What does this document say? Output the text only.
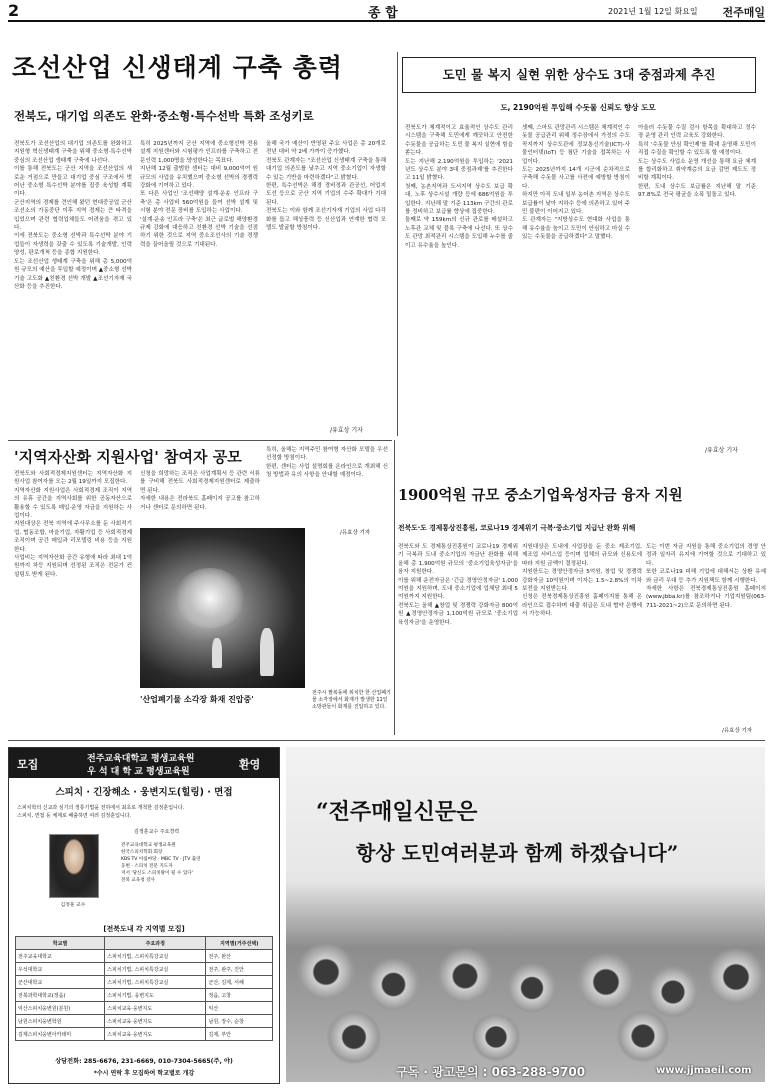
2	종 합	2021년 1월 12일 화요일 전주매일
조선산업 신생태계 구축 총력
전북도, 대기업 의존도 완화·중소형·특수선박 특화 조성키로

전북도가 조선산업의 대기업 의존도를 완화하고 지원형 혁신생태계 구축을 위해 중소형·특수선박 중심의 조선산업 생태계 구축에 나선다.

이를 통해 전북도는 군산 지역을 조선산업의 새로운 거점으로 만들고 대기업 중심 구조에서 벗어난 중소형 특수선박 분야를 집중 육성할 계획이다.

군산지역의 경제를 견인해 왔던 현대중공업 군산조선소의 가동중단 이후 지역 경제는 큰 타격을 입었으며 관련 협력업체들도 어려움을 겪고 있다.

이에 전북도는 중소형 선박과 특수선박 분야 기업들이 자생력을 갖출 수 있도록 기술개발, 인력양성, 판로개척 등을 종합 지원한다.

도는 조선산업 생태계 구축을 위해 총 5,000억원 규모의 예산을 투입할 예정이며 ▲중소형 선박 기술 고도화 ▲친환경 선박 개발 ▲조선기자재 국산화 등을 추진한다.

특히 2025년까지 군산 지역에 중소형선박 전용 설계 지원센터와 시험평가 인프라를 구축하고 전문인력 1,000명을 양성한다는 목표다.

지난해 12월 출범한 센터는 대비 9,000억여 원 규모의 사업을 유치했으며 중소형 선박의 경쟁력 강화에 기여하고 있다.

또 다른 사업인 '조선해양 설계·운송 인프라 구축'은 총 사업비 560억원을 들여 선박 설계 및 시험 분야 전문 장비를 도입하는 사업이다.

'설계·운송 인프라 구축'은 최근 글로벌 해양환경규제 강화에 대응하고 친환경 선박 기술을 선점하기 위한 것으로 지역 중소조선사의 기술 경쟁력을 끌어올릴 것으로 기대된다.

올해 국가 예산이 반영된 주요 사업은 총 20개로 전년 대비 약 2배 가까이 증가했다.

전북도 관계자는 "조선산업 신생태계 구축을 통해 대기업 의존도를 낮추고 지역 중소기업이 자생할 수 있는 기반을 마련하겠다"고 밝혔다.

한편, 특수선박은 해경 경비정과 관공선, 어업지도선 등으로 군산 지역 기업의 수주 확대가 기대된다.

전북도는 이와 함께 조선기자재 기업의 사업 다각화를 돕고 해상풍력 등 신산업과 연계한 협력 모델도 발굴할 방침이다.

/유효상 기자
도민 물 복지 실현 위한 상수도 3대 중점과제 추진
도, 2190억원 투입해 수돗물 신뢰도 향상 도모

전북도가 체계적이고 효율적인 상수도 관리 시스템을 구축해 도민에게 깨끗하고 안전한 수돗물을 공급하는 도민 물 복지 실현에 힘을 쏟는다.

도는 지난해 2,190억원을 투입하는 '2021년도 상수도 분야 3대 중점과제'를 추진한다고 11일 밝혔다.

첫째, 농촌지역과 도서지역 상수도 보급 확대, 노후 상수시설 개량 등에 686억원을 투입한다. 지난해 말 기준 113km 구간의 관로를 정비하고 보급률 향상에 집중한다.

둘째로 약 159km의 신규 관로를 매설하고 노후관 교체 및 블록 구축에 나선다. 또 상수도 관망 최적관리 시스템을 도입해 누수를 줄이고 유수율을 높인다.

셋째, 스마트 관망관리 시스템은 체계적인 수돗물 공급관리 위해 정수장에서 가정의 수도꼭지까지 상수도관에 정보통신기술(ICT)·사물인터넷(IoT) 등 첨단 기술을 접목하는 사업이다.

도는 2025년까지 14개 시군에 순차적으로 구축해 수돗물 사고를 사전에 예방할 방침이다.

하지만 아직 도내 일부 농어촌 지역은 상수도 보급률이 낮아 지하수 등에 의존하고 있어 주민 불편이 이어지고 있다.

도 관계자는 "지방상수도 현대화 사업을 통해 유수율을 높이고 도민이 안심하고 마실 수 있는 수돗물을 공급하겠다"고 말했다.

아울러 수돗물 수질 검사 항목을 확대하고 정수장 운영 관리 인력 교육도 강화한다.

특히 '수돗물 안심 확인제'를 확대 운영해 도민이 직접 수질을 확인할 수 있도록 할 예정이다.

도는 상수도 사업소 운영 개선을 통해 요금 체계를 합리화하고 취약계층의 요금 감면 제도도 정비할 계획이다.

한편, 도내 상수도 보급률은 지난해 말 기준 97.8%로 전국 평균을 소폭 밑돌고 있다.

/유효상 기자
'지역자산화 지원사업' 참여자 공모

전북도와 사회적경제지원센터는 지역자산화 지원사업 참여자를 오는 2월 19일까지 모집한다.

지역자산화 지원사업은 사회적경제 조직이 지역의 유휴 공간을 지역사회를 위한 공동자산으로 활용할 수 있도록 매입·운영 자금을 지원하는 사업이다.

지원대상은 전북 지역에 주사무소를 둔 사회적기업, 협동조합, 마을기업, 자활기업 등 사회적경제 조직이며 공간 매입과 리모델링 비용 등을 지원한다.

사업비는 지역자산화 공간 유형에 따라 최대 1억원까지 차등 지원되며 선정된 조직은 전문가 컨설팅도 받게 된다.

신청을 희망하는 조직은 사업계획서 등 관련 서류를 구비해 전북도 사회적경제지원센터로 제출하면 된다.

자세한 내용은 전라북도 홈페이지 공고를 참고하거나 센터로 문의하면 된다.

특히, 올해는 지역주민 참여형 자산화 모델을 우선 선정할 방침이다.

한편, 센터는 사업 설명회를 온라인으로 개최해 신청 방법과 유의 사항을 안내할 예정이다.

/유효상 기자
'산업폐기물 소각장 화재 진압중'
전주시 팔복동에 위치한 한 산업폐기물 소각장에서 화재가 발생한 11일 소방관들이 화재를 진압하고 있다.
1900억원 규모 중소기업육성자금 융자 지원
전북도·도 경제통상진흥원, 코로나19 경제위기 극복·중소기업 지급난 완화 위해

전북도와 도 경제통상진흥원이 코로나19 경제위기 극복과 도내 중소기업의 자금난 완화를 위해 올해 총 1,900억원 규모의 '중소기업육성자금'을 융자 지원한다.

이를 위해 운전자금은 '긴급 경영안정자금' 1,000억원을 지원하며, 도내 중소기업에 업체당 최대 5억원까지 지원한다.

전북도는 올해 ▲창업 및 경쟁력 강화자금 800억원 ▲경영안정자금 1,100억원 규모로 '중소기업육성자금'을 운영한다.

지원대상은 도내에 사업장을 둔 중소 제조기업, 제조업 서비스업 등이며 업체의 규모와 신용도에 따라 지원 금액이 결정된다.

지원한도는 경영안정자금 5억원, 창업 및 경쟁력강화자금 10억원이며 이자는 1.5~2.8%의 이차보전을 지원받는다.

신청은 전북경제통상진흥원 홈페이지를 통해 온라인으로 접수하며 대출 취급은 도내 협약 은행에서 가능하다.

도는 이번 자금 지원을 통해 중소기업의 경영 안정과 일자리 유지에 기여할 것으로 기대하고 있다.

또한 코로나19 피해 기업에 대해서는 상환 유예와 금리 우대 등 추가 지원책도 함께 시행한다.

자세한 사항은 전북경제통상진흥원 홈페이지(www.jbba.kr)를 참조하거나 기업지원팀(063-711-2021~2)으로 문의하면 된다.

/유효상 기자
모집	전주교육대학교 평생교육원
우 석 대 학 교 평생교육원
환영
스피치 · 긴장해소 · 웅변지도(힐링) · 면접
스피치학의 신교과 심기의 정통기법을 전하에서 최초로 개척한 김정훈입니다.
스피치, 면접 등 체계로 배출하면 여러 김정훈입니다.
김정훈 교수
김정훈교수 주요경력
전주교육대학교 평생교육원
한국스피치학회 회장
KBS TV 아침마당 · MBC TV · JTV 출연
웅변 · 스피치 전문 지도자
저서 '당신도 스피치왕이 될 수 있다'
전북 교육청 강사
[전북도내 각 지역별 모집]
학교별	주요과정	지역별(거주선택)
전주교육대학교	스피치기법, 스피치특강교실	전주, 완산
우석대학교	스피치기법, 스피치특강교실	전주, 완주, 진안
군산대학교	스피치기법, 스피치특강교실	군산, 김제, 서해
전북과학대학교(정읍)	스피치기법, 웅변지도	정읍, 고창
익산스피치웅변원(분원)	스피치교육·웅변지도	익산
남원스피치웅변학원	스피치교육·웅변지도	남원, 장수, 순창
김제스피치웅변아카데미	스피치교육·웅변지도	김제, 부안
상담전화: 285-6676, 231-6669, 010-7304-5665(주, 야)
*수시 연락 후 모집하여 학교별로 개강
“전주매일신문은
항상 도민여러분과 함께 하겠습니다”
구독 · 광고문의 : 063-288-9700	www.jjmaeil.com
